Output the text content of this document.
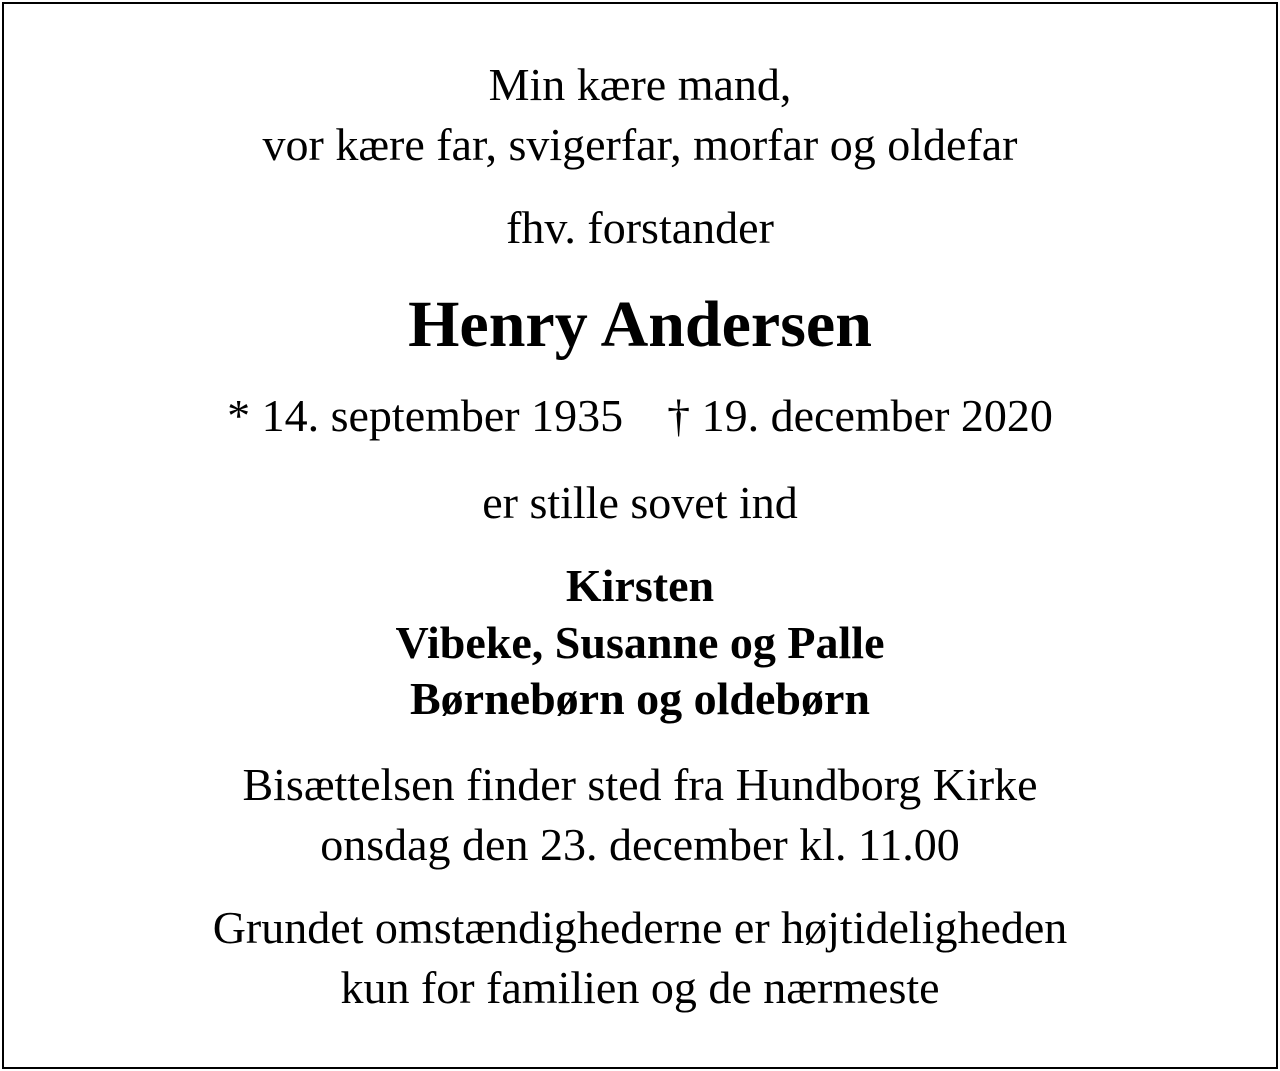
Min kære mand,
vor kære far, svigerfar, morfar og oldefar
fhv. forstander
Henry Andersen
* 14. september 1935 † 19. december 2020
er stille sovet ind
Kirsten
Vibeke, Susanne og Palle
Børnebørn og oldebørn
Bisættelsen finder sted fra Hundborg Kirke
onsdag den 23. december kl. 11.00
Grundet omstændighederne er højtideligheden
kun for familien og de nærmeste
